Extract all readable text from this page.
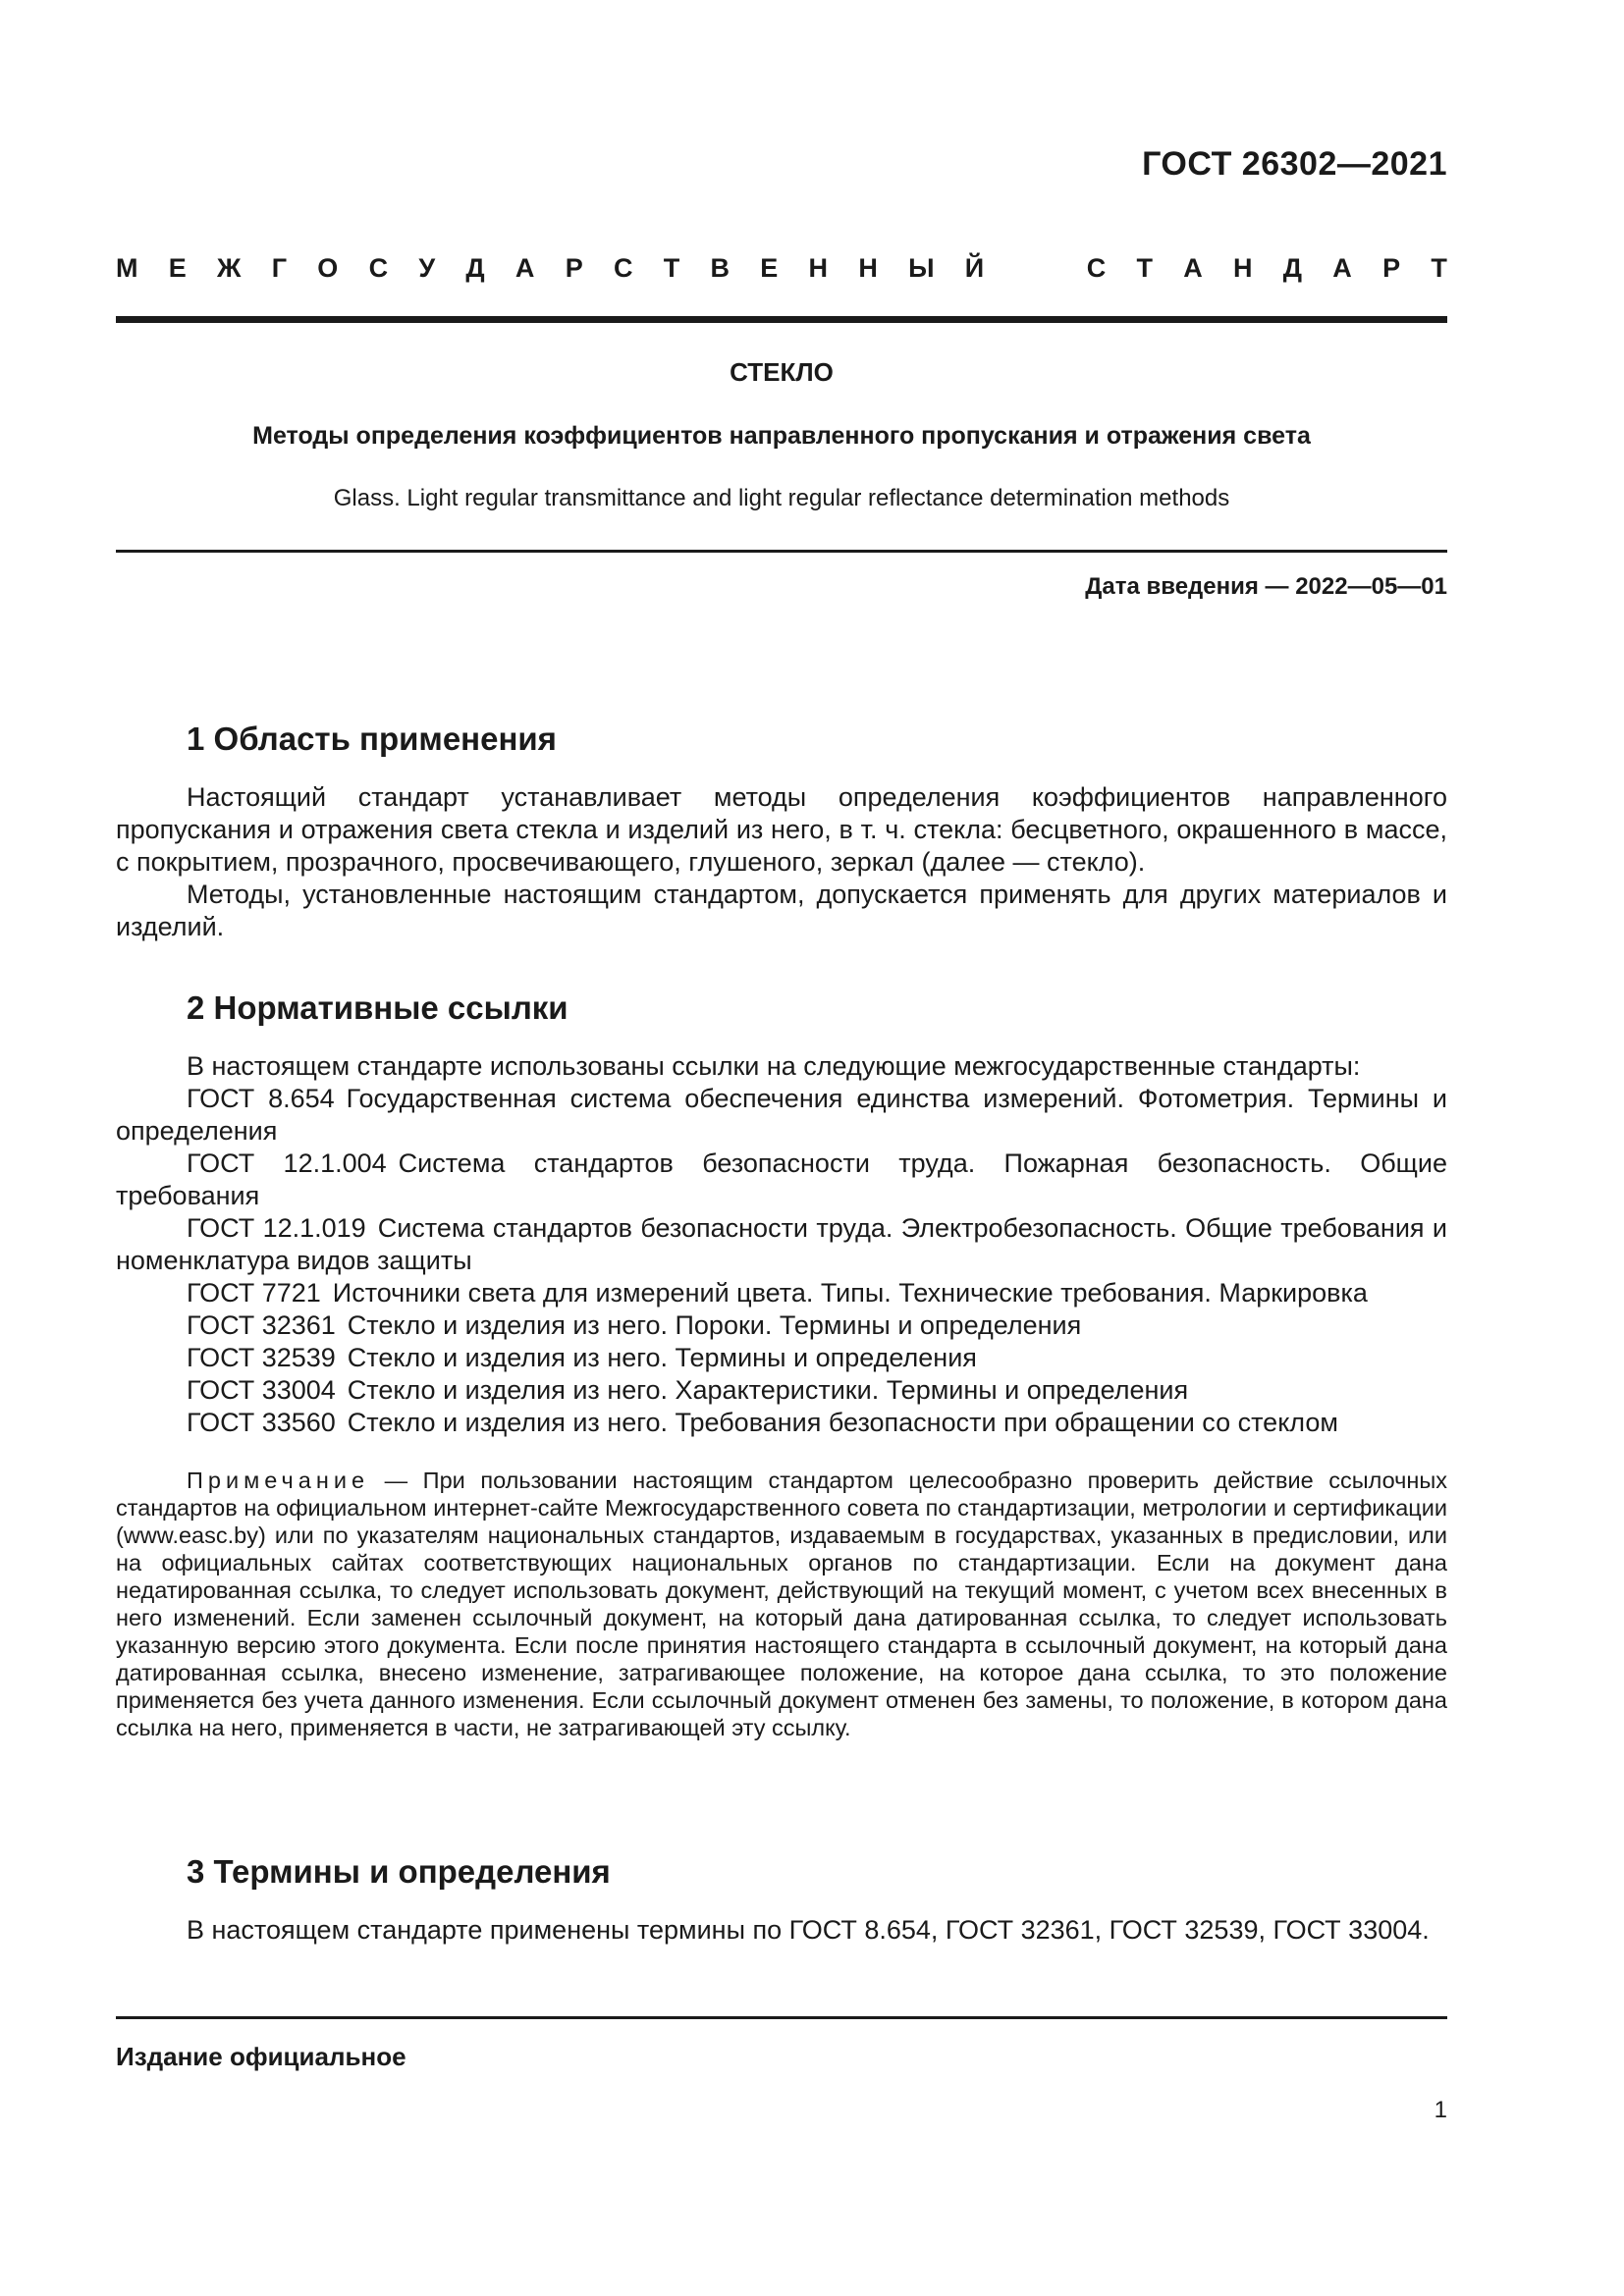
ГОСТ 26302—2021
М Е Ж Г О С У Д А Р С Т В Е Н Н Ы Й	С Т А Н Д А Р Т
СТЕКЛО
Методы определения коэффициентов направленного пропускания и отражения света
Glass. Light regular transmittance and light regular reflectance determination methods
Дата введения — 2022—05—01
1 Область применения

Настоящий стандарт устанавливает методы определения коэффициентов направленного пропускания и отражения света стекла и изделий из него, в т. ч. стекла: бесцветного, окрашенного в массе, с покрытием, прозрачного, просвечивающего, глушеного, зеркал (далее — стекло).

Методы, установленные настоящим стандартом, допускается применять для других материалов и изделий.

2 Нормативные ссылки

В настоящем стандарте использованы ссылки на следующие межгосударственные стандарты:

ГОСТ 8.654 Государственная система обеспечения единства измерений. Фотометрия. Термины и определения

ГОСТ 12.1.004 Система стандартов безопасности труда. Пожарная безопасность. Общие требования

ГОСТ 12.1.019 Система стандартов безопасности труда. Электробезопасность. Общие требования и номенклатура видов защиты

ГОСТ 7721 Источники света для измерений цвета. Типы. Технические требования. Маркировка

ГОСТ 32361 Стекло и изделия из него. Пороки. Термины и определения

ГОСТ 32539 Стекло и изделия из него. Термины и определения

ГОСТ 33004 Стекло и изделия из него. Характеристики. Термины и определения

ГОСТ 33560 Стекло и изделия из него. Требования безопасности при обращении со стеклом

Примечание — При пользовании настоящим стандартом целесообразно проверить действие ссылочных стандартов на официальном интернет-сайте Межгосударственного совета по стандартизации, метрологии и сертификации (www.easc.by) или по указателям национальных стандартов, издаваемым в государствах, указанных в предисловии, или на официальных сайтах соответствующих национальных органов по стандартизации. Если на документ дана недатированная ссылка, то следует использовать документ, действующий на текущий момент, с учетом всех внесенных в него изменений. Если заменен ссылочный документ, на который дана датированная ссылка, то следует использовать указанную версию этого документа. Если после принятия настоящего стандарта в ссылочный документ, на который дана датированная ссылка, внесено изменение, затрагивающее положение, на которое дана ссылка, то это положение применяется без учета данного изменения. Если ссылочный документ отменен без замены, то положение, в котором дана ссылка на него, применяется в части, не затрагивающей эту ссылку.

3 Термины и определения

В настоящем стандарте применены термины по ГОСТ 8.654, ГОСТ 32361, ГОСТ 32539, ГОСТ 33004.

Издание официальное
1
